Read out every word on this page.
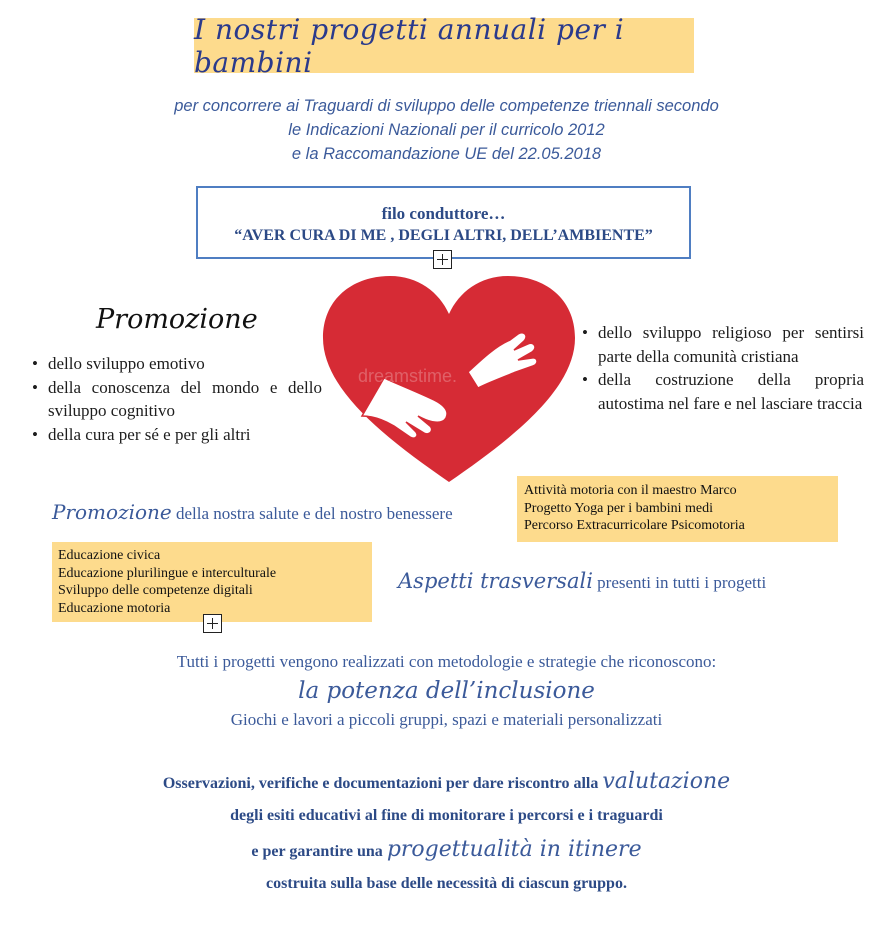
I nostri progetti annuali per i bambini
per concorrere ai Traguardi di sviluppo delle competenze triennali secondo
le Indicazioni Nazionali per il curricolo 2012
e la Raccomandazione UE del 22.05.2018
filo conduttore…
“AVER CURA DI ME , DEGLI ALTRI, DELL’AMBIENTE”
Promozione
• dello sviluppo emotivo
• della conoscenza del mondo e dello sviluppo cognitivo
• della cura per sé e per gli altri
dreamstime.
• dello sviluppo religioso per sentirsi parte della comunità cristiana
• della costruzione della propria autostima nel fare e nel lasciare traccia
Promozione della nostra salute e del nostro benessere
Attività motoria con il maestro Marco
Progetto Yoga per i bambini medi
Percorso Extracurricolare Psicomotoria
Educazione civica
Educazione plurilingue e interculturale
Sviluppo delle competenze digitali
Educazione motoria
Aspetti trasversali presenti in tutti i progetti
Tutti i progetti vengono realizzati con metodologie e strategie che riconoscono:
la potenza dell’inclusione
Giochi e lavori a piccoli gruppi, spazi e materiali personalizzati
Osservazioni, verifiche e documentazioni per dare riscontro alla valutazione
degli esiti educativi al fine di monitorare i percorsi e i traguardi
e per garantire una progettualità in itinere
costruita sulla base delle necessità di ciascun gruppo.
